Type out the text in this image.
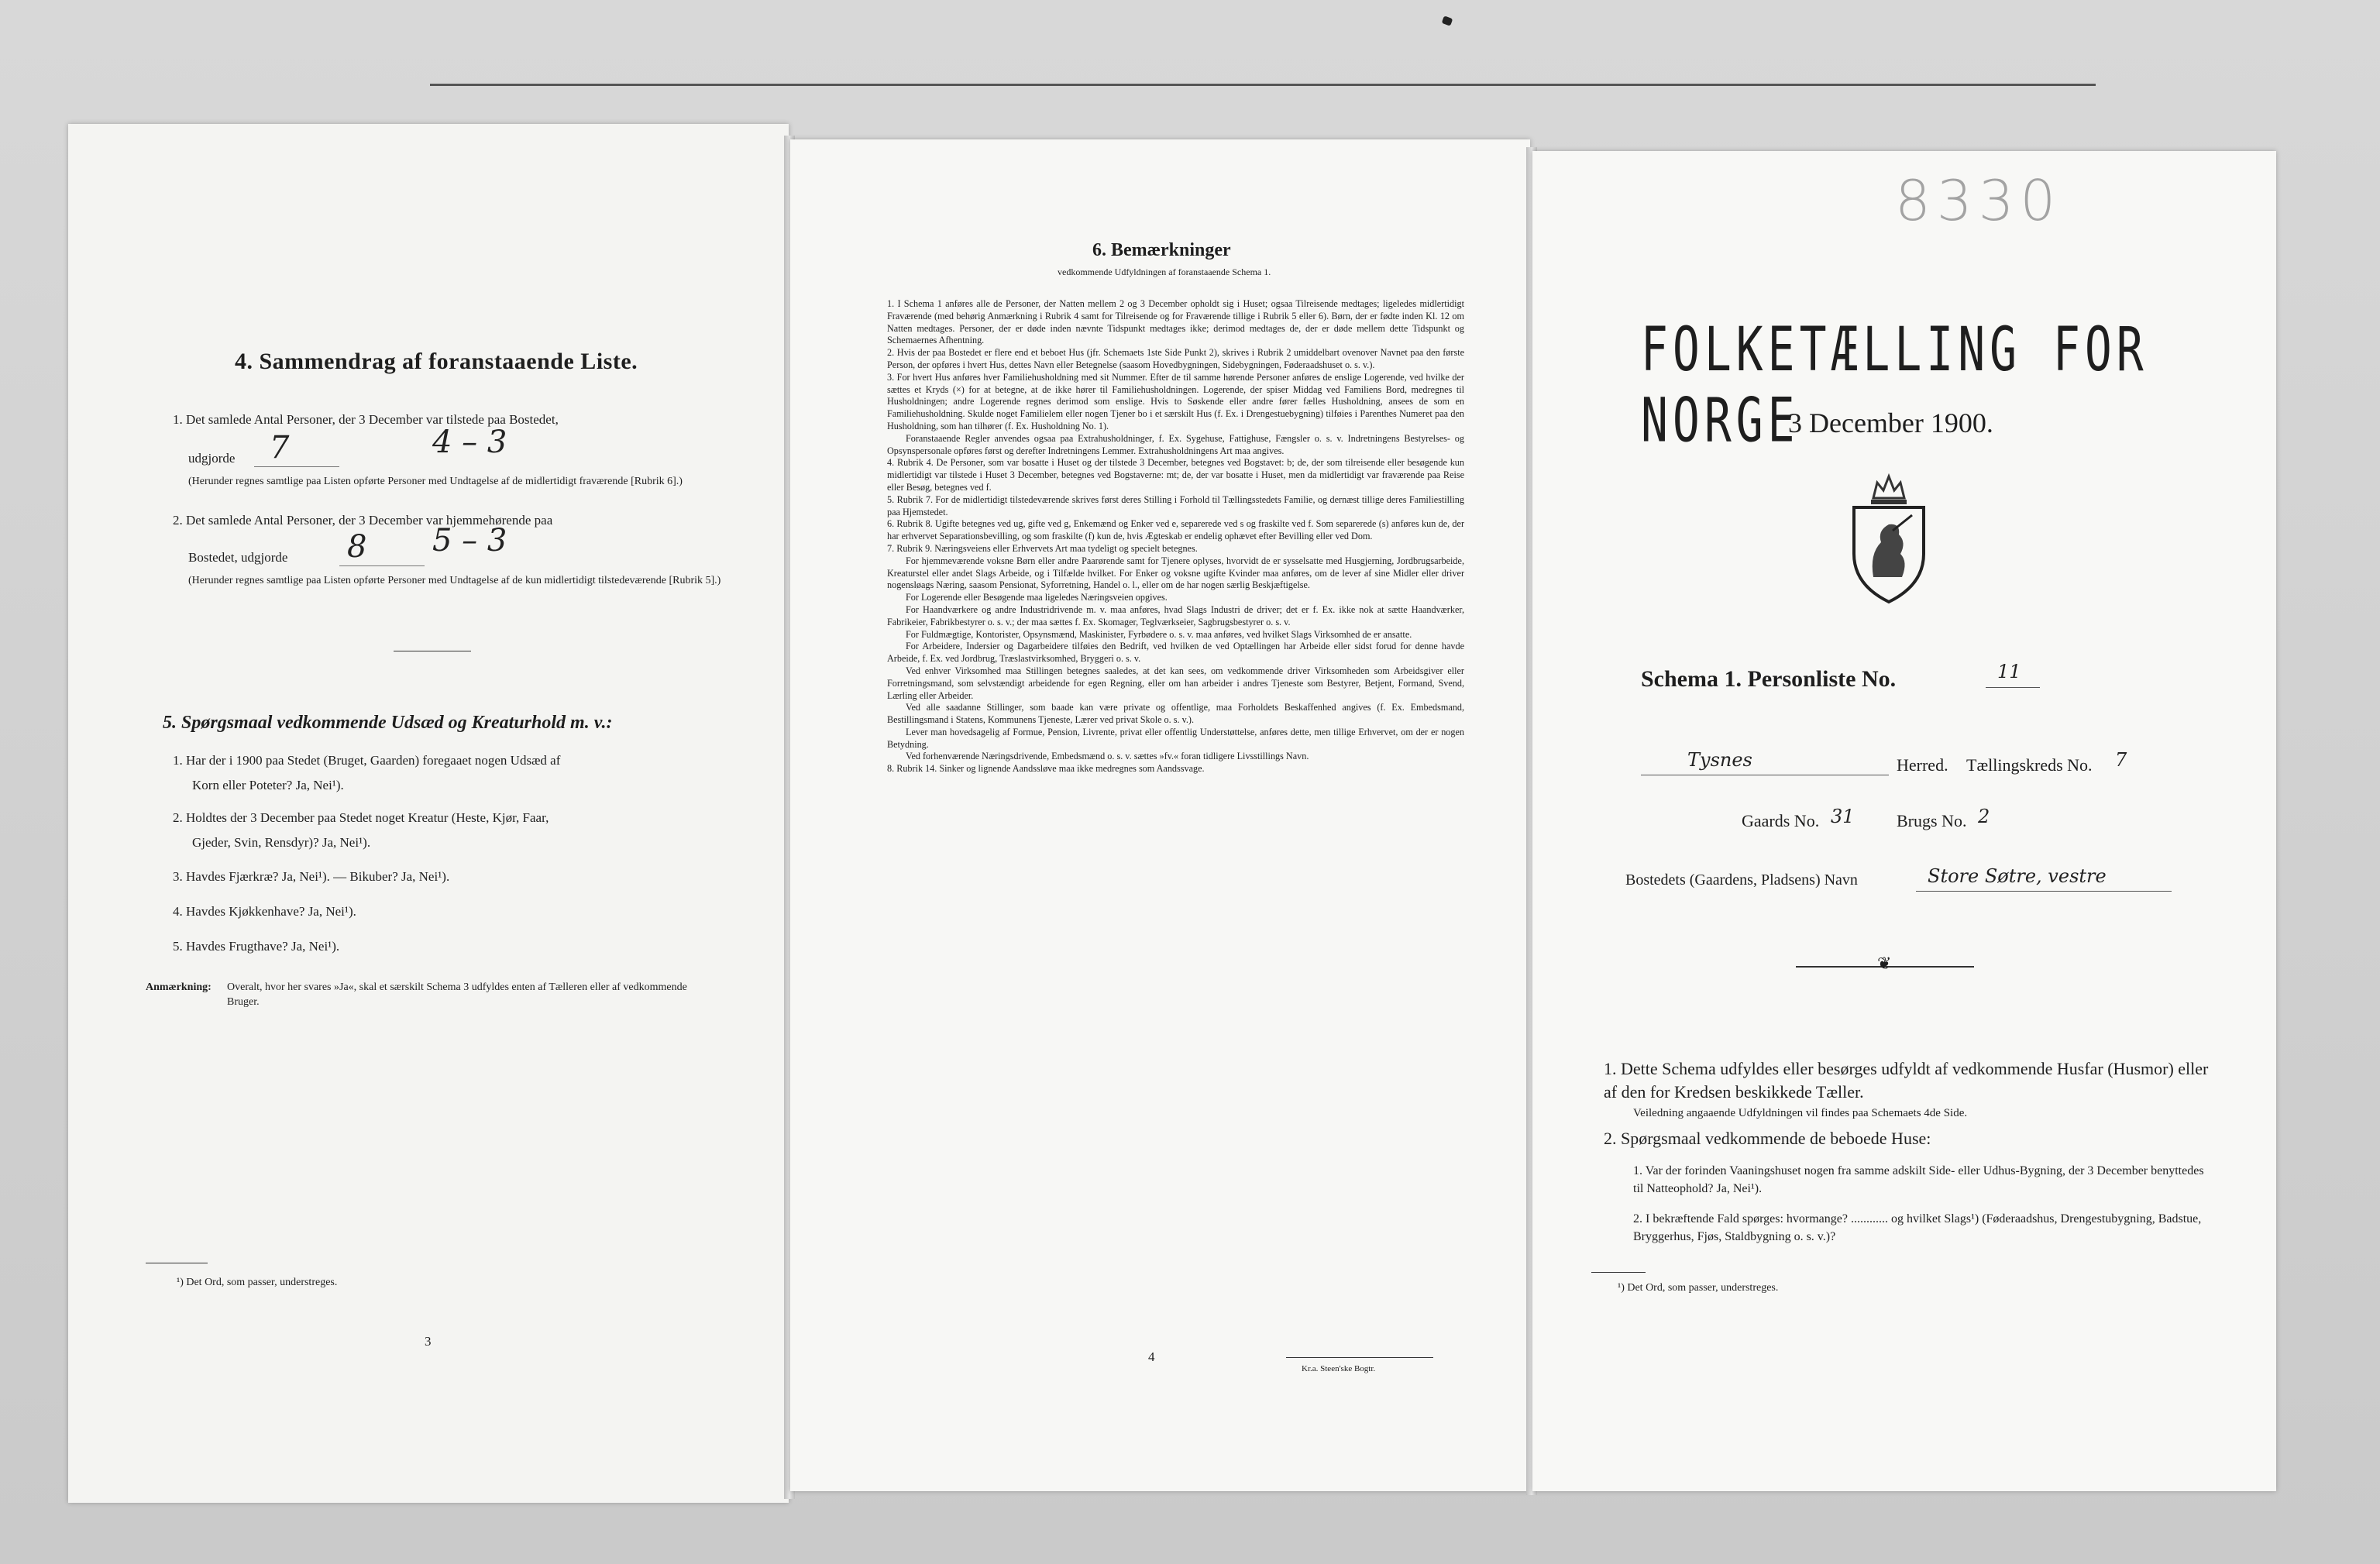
4. Sammendrag af foranstaaende Liste.
1. Det samlede Antal Personer, der 3 December var tilstede paa Bostedet,
udgjorde 7	4 – 3
(Herunder regnes samtlige paa Listen opførte Personer med Undtagelse af de midlertidigt fraværende [Rubrik 6].)
2. Det samlede Antal Personer, der 3 December var hjemmehørende paa
Bostedet, udgjorde 8 5 – 3
(Herunder regnes samtlige paa Listen opførte Personer med Undtagelse af de kun midlertidigt tilstedeværende [Rubrik 5].)
5. Spørgsmaal vedkommende Udsæd og Kreaturhold m. v.:
1. Har der i 1900 paa Stedet (Bruget, Gaarden) foregaaet nogen Udsæd af
Korn eller Poteter? Ja, Nei¹).
2. Holdtes der 3 December paa Stedet noget Kreatur (Heste, Kjør, Faar,
Gjeder, Svin, Rensdyr)? Ja, Nei¹).
3. Havdes Fjærkræ? Ja, Nei¹). — Bikuber? Ja, Nei¹).
4. Havdes Kjøkkenhave? Ja, Nei¹).
5. Havdes Frugthave? Ja, Nei¹).
Anmærkning: Overalt, hvor her svares »Ja«, skal et særskilt Schema 3 udfyldes enten af Tælleren eller af vedkommende Bruger.
¹) Det Ord, som passer, understreges.
3
6. Bemærkninger
vedkommende Udfyldningen af foranstaaende Schema 1.

1. I Schema 1 anføres alle de Personer, der Natten mellem 2 og 3 December opholdt sig i Huset; ogsaa Tilreisende medtages; ligeledes midlertidigt Fraværende (med behørig Anmærkning i Rubrik 4 samt for Tilreisende og for Fraværende tillige i Rubrik 5 eller 6). Børn, der er fødte inden Kl. 12 om Natten medtages. Personer, der er døde inden nævnte Tidspunkt medtages ikke; derimod medtages de, der er døde mellem dette Tidspunkt og Schemaernes Afhentning.

2. Hvis der paa Bostedet er flere end et beboet Hus (jfr. Schemaets 1ste Side Punkt 2), skrives i Rubrik 2 umiddelbart ovenover Navnet paa den første Person, der opføres i hvert Hus, dettes Navn eller Betegnelse (saasom Hovedbygningen, Sidebygningen, Føderaadshuset o. s. v.).

3. For hvert Hus anføres hver Familiehusholdning med sit Nummer. Efter de til samme hørende Personer anføres de enslige Logerende, ved hvilke der sættes et Kryds (×) for at betegne, at de ikke hører til Familiehusholdningen. Logerende, der spiser Middag ved Familiens Bord, medregnes til Husholdningen; andre Logerende regnes derimod som enslige. Hvis to Søskende eller andre fører fælles Husholdning, ansees de som en Familiehusholdning. Skulde noget Familielem eller nogen Tjener bo i et særskilt Hus (f. Ex. i Drengestuebygning) tilføies i Parenthes Numeret paa den Husholdning, som han tilhører (f. Ex. Husholdning No. 1).

Foranstaaende Regler anvendes ogsaa paa Extrahusholdninger, f. Ex. Sygehuse, Fattighuse, Fængsler o. s. v. Indretningens Bestyrelses- og Opsynspersonale opføres først og derefter Indretningens Lemmer. Extrahusholdningens Art maa angives.

4. Rubrik 4. De Personer, som var bosatte i Huset og der tilstede 3 December, betegnes ved Bogstavet: b; de, der som tilreisende eller besøgende kun midlertidigt var tilstede i Huset 3 December, betegnes ved Bogstaverne: mt; de, der var bosatte i Huset, men da midlertidigt var fraværende paa Reise eller Besøg, betegnes ved f.

5. Rubrik 7. For de midlertidigt tilstedeværende skrives først deres Stilling i Forhold til Tællingsstedets Familie, og dernæst tillige deres Familiestilling paa Hjemstedet.

6. Rubrik 8. Ugifte betegnes ved ug, gifte ved g, Enkemænd og Enker ved e, separerede ved s og fraskilte ved f. Som separerede (s) anføres kun de, der har erhvervet Separationsbevilling, og som fraskilte (f) kun de, hvis Ægteskab er endelig ophævet efter Bevilling eller ved Dom.

7. Rubrik 9. Næringsveiens eller Erhvervets Art maa tydeligt og specielt betegnes.

For hjemmeværende voksne Børn eller andre Paarørende samt for Tjenere oplyses, hvorvidt de er sysselsatte med Husgjerning, Jordbrugsarbeide, Kreaturstel eller andet Slags Arbeide, og i Tilfælde hvilket. For Enker og voksne ugifte Kvinder maa anføres, om de lever af sine Midler eller driver nogensløags Næring, saasom Pensionat, Syforretning, Handel o. l., eller om de har nogen særlig Beskjæftigelse.

For Logerende eller Besøgende maa ligeledes Næringsveien opgives.

For Haandværkere og andre Industridrivende m. v. maa anføres, hvad Slags Industri de driver; det er f. Ex. ikke nok at sætte Haandværker, Fabrikeier, Fabrikbestyrer o. s. v.; der maa sættes f. Ex. Skomager, Teglværkseier, Sagbrugsbestyrer o. s. v.

For Fuldmægtige, Kontorister, Opsynsmænd, Maskinister, Fyrbødere o. s. v. maa anføres, ved hvilket Slags Virksomhed de er ansatte.

For Arbeidere, Indersier og Dagarbeidere tilføies den Bedrift, ved hvilken de ved Optællingen har Arbeide eller sidst forud for denne havde Arbeide, f. Ex. ved Jordbrug, Træslastvirksomhed, Bryggeri o. s. v.

Ved enhver Virksomhed maa Stillingen betegnes saaledes, at det kan sees, om vedkommende driver Virksomheden som Arbeidsgiver eller Forretningsmand, som selvstændigt arbeidende for egen Regning, eller om han arbeider i andres Tjeneste som Bestyrer, Betjent, Formand, Svend, Lærling eller Arbeider.

Ved alle saadanne Stillinger, som baade kan være private og offentlige, maa Forholdets Beskaffenhed angives (f. Ex. Embedsmand, Bestillingsmand i Statens, Kommunens Tjeneste, Lærer ved privat Skole o. s. v.).

Lever man hovedsagelig af Formue, Pension, Livrente, privat eller offentlig Understøttelse, anføres dette, men tillige Erhvervet, om der er nogen Betydning.

Ved forhenværende Næringsdrivende, Embedsmænd o. s. v. sættes »fv.« foran tidligere Livsstillings Navn.

8. Rubrik 14. Sinker og lignende Aandssløve maa ikke medregnes som Aandssvage.

4
Kr.a. Steen'ske Bogtr.
8330
FOLKETÆLLING FOR NORGE
3 December 1900.
Schema 1. Personliste No.	11
Tysnes	Herred. Tællingskreds No. 7
Gaards No. 31 Brugs No. 2
Bostedets (Gaardens, Pladsens) Navn	Store Søtre, vestre
❦
1. Dette Schema udfyldes eller besørges udfyldt af vedkommende Husfar (Husmor) eller af den for Kredsen beskikkede Tæller.
Veiledning angaaende Udfyldningen vil findes paa Schemaets 4de Side.
2. Spørgsmaal vedkommende de beboede Huse:
1. Var der forinden Vaaningshuset nogen fra samme adskilt Side- eller Udhus-Bygning, der 3 December benyttedes til Natteophold? Ja, Nei¹).
2. I bekræftende Fald spørges: hvormange? ............ og hvilket Slags¹) (Føderaadshus, Drengestubygning, Badstue, Bryggerhus, Fjøs, Staldbygning o. s. v.)?
¹) Det Ord, som passer, understreges.
